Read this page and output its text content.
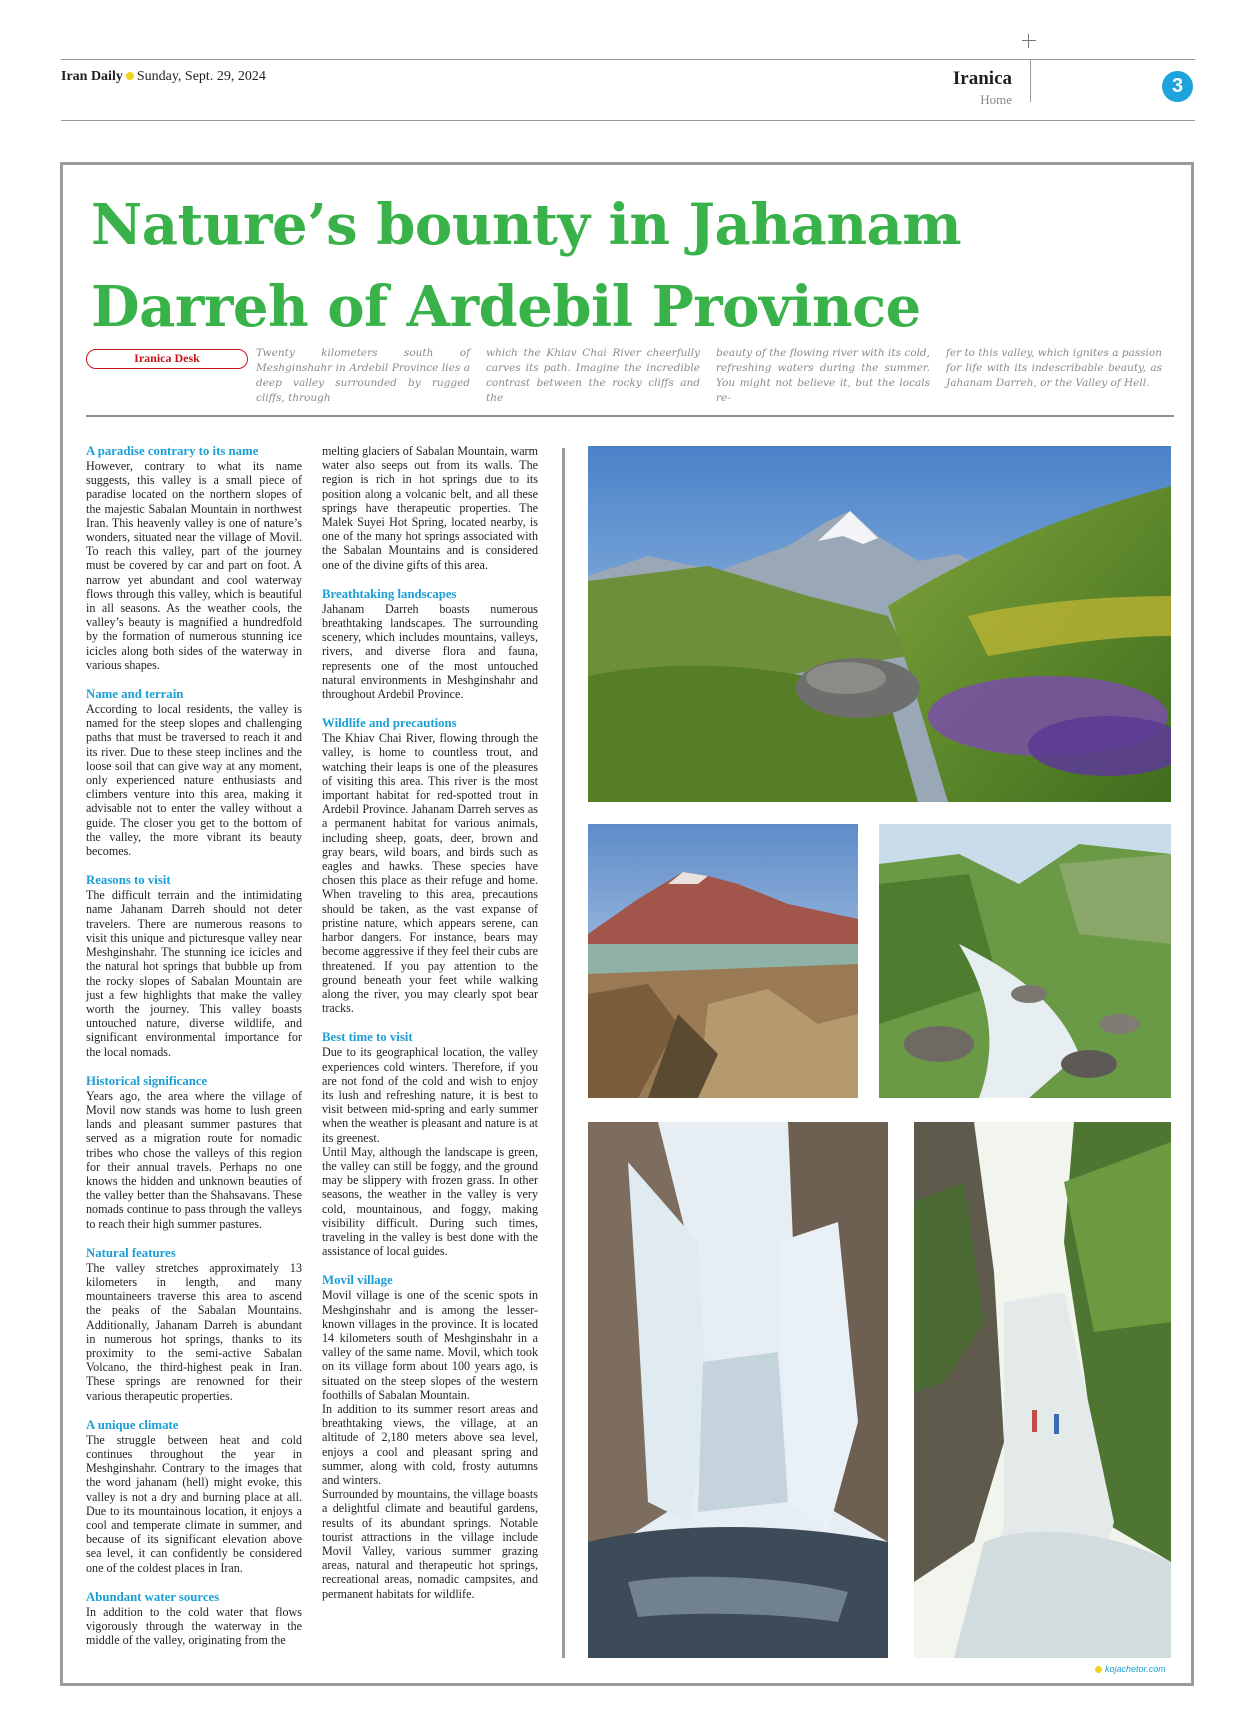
Iran Daily Sunday, Sept. 29, 2024	Iranica
Home
3
Nature’s bounty in Jahanam Darreh of Ardebil Province
Iranica Desk	Twenty kilometers south of Meshginshahr in Ardebil Province lies a deep valley surrounded by rugged cliffs, through
which the Khiav Chai River cheerfully carves its path. Imagine the incredible contrast between the rocky cliffs and the
beauty of the flowing river with its cold, refreshing waters during the summer. You might not believe it, but the locals re-
fer to this valley, which ignites a passion for life with its indescribable beauty, as Jahanam Darreh, or the Valley of Hell.
A paradise contrary to its name

However, contrary to what its name suggests, this valley is a small piece of paradise located on the northern slopes of the majestic Sabalan Mountain in northwest Iran. This heavenly valley is one of nature’s wonders, situated near the village of Movil. To reach this valley, part of the journey must be covered by car and part on foot. A narrow yet abundant and cool waterway flows through this valley, which is beautiful in all seasons. As the weather cools, the valley’s beauty is magnified a hundredfold by the formation of numerous stunning ice icicles along both sides of the waterway in various shapes.

Name and terrain

According to local residents, the valley is named for the steep slopes and challenging paths that must be traversed to reach it and its river. Due to these steep inclines and the loose soil that can give way at any moment, only experienced nature enthusiasts and climbers venture into this area, making it advisable not to enter the valley without a guide. The closer you get to the bottom of the valley, the more vibrant its beauty becomes.

Reasons to visit

The difficult terrain and the intimidating name Jahanam Darreh should not deter travelers. There are numerous reasons to visit this unique and picturesque valley near Meshginshahr. The stunning ice icicles and the natural hot springs that bubble up from the rocky slopes of Sabalan Mountain are just a few highlights that make the valley worth the journey. This valley boasts untouched nature, diverse wildlife, and significant environmental importance for the local nomads.

Historical significance

Years ago, the area where the village of Movil now stands was home to lush green lands and pleasant summer pastures that served as a migration route for nomadic tribes who chose the valleys of this region for their annual travels. Perhaps no one knows the hidden and unknown beauties of the valley better than the Shahsavans. These nomads continue to pass through the valleys to reach their high summer pastures.

Natural features

The valley stretches approximately 13 kilometers in length, and many mountaineers traverse this area to ascend the peaks of the Sabalan Mountains. Additionally, Jahanam Darreh is abundant in numerous hot springs, thanks to its proximity to the semi-active Sabalan Volcano, the third-highest peak in Iran. These springs are renowned for their various therapeutic properties.

A unique climate

The struggle between heat and cold continues throughout the year in Meshginshahr. Contrary to the images that the word jahanam (hell) might evoke, this valley is not a dry and burning place at all. Due to its mountainous location, it enjoys a cool and temperate climate in summer, and because of its significant elevation above sea level, it can confidently be considered one of the coldest places in Iran.

Abundant water sources

In addition to the cold water that flows vigorously through the waterway in the middle of the valley, originating from the

melting glaciers of Sabalan Mountain, warm water also seeps out from its walls. The region is rich in hot springs due to its position along a volcanic belt, and all these springs have therapeutic properties. The Malek Suyei Hot Spring, located nearby, is one of the many hot springs associated with the Sabalan Mountains and is considered one of the divine gifts of this area.

Breathtaking landscapes

Jahanam Darreh boasts numerous breathtaking landscapes. The surrounding scenery, which includes mountains, valleys, rivers, and diverse flora and fauna, represents one of the most untouched natural environments in Meshginshahr and throughout Ardebil Province.

Wildlife and precautions

The Khiav Chai River, flowing through the valley, is home to countless trout, and watching their leaps is one of the pleasures of visiting this area. This river is the most important habitat for red-spotted trout in Ardebil Province. Jahanam Darreh serves as a permanent habitat for various animals, including sheep, goats, deer, brown and gray bears, wild boars, and birds such as eagles and hawks. These species have chosen this place as their refuge and home. When traveling to this area, precautions should be taken, as the vast expanse of pristine nature, which appears serene, can harbor dangers. For instance, bears may become aggressive if they feel their cubs are threatened. If you pay attention to the ground beneath your feet while walking along the river, you may clearly spot bear tracks.

Best time to visit

Due to its geographical location, the valley experiences cold winters. Therefore, if you are not fond of the cold and wish to enjoy its lush and refreshing nature, it is best to visit between mid-spring and early summer when the weather is pleasant and nature is at its greenest.

Until May, although the landscape is green, the valley can still be foggy, and the ground may be slippery with frozen grass. In other seasons, the weather in the valley is very cold, mountainous, and foggy, making visibility difficult. During such times, traveling in the valley is best done with the assistance of local guides.

Movil village

Movil village is one of the scenic spots in Meshginshahr and is among the lesser-known villages in the province. It is located 14 kilometers south of Meshginshahr in a valley of the same name. Movil, which took on its village form about 100 years ago, is situated on the steep slopes of the western foothills of Sabalan Mountain.

In addition to its summer resort areas and breathtaking views, the village, at an altitude of 2,180 meters above sea level, enjoys a cool and pleasant spring and summer, along with cold, frosty autumns and winters.

Surrounded by mountains, the village boasts a delightful climate and beautiful gardens, results of its abundant springs. Notable tourist attractions in the village include Movil Valley, various summer grazing areas, natural and therapeutic hot springs, recreational areas, nomadic campsites, and permanent habitats for wildlife.

kojachetor.com
